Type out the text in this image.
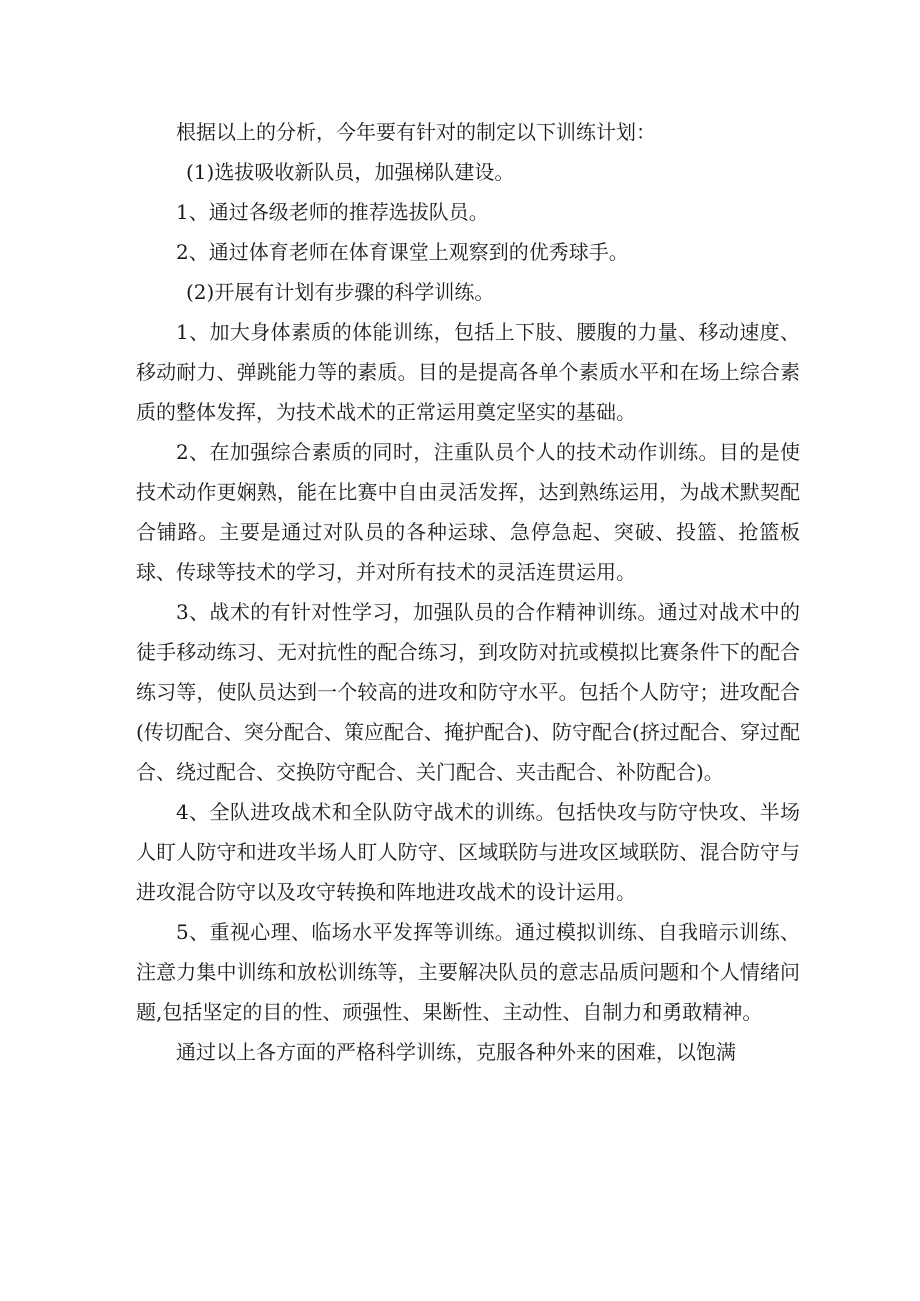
根据以上的分析，今年要有针对的制定以下训练计划：

(1)选拔吸收新队员，加强梯队建设。

1、通过各级老师的推荐选拔队员。

2、通过体育老师在体育课堂上观察到的优秀球手。

(2)开展有计划有步骤的科学训练。

1、加大身体素质的体能训练，包括上下肢、腰腹的力量、移动速度、移动耐力、弹跳能力等的素质。目的是提高各单个素质水平和在场上综合素质的整体发挥，为技术战术的正常运用奠定坚实的基础。

2、在加强综合素质的同时，注重队员个人的技术动作训练。目的是使技术动作更娴熟，能在比赛中自由灵活发挥，达到熟练运用，为战术默契配合铺路。主要是通过对队员的各种运球、急停急起、突破、投篮、抢篮板球、传球等技术的学习，并对所有技术的灵活连贯运用。

3、战术的有针对性学习，加强队员的合作精神训练。通过对战术中的徒手移动练习、无对抗性的配合练习，到攻防对抗或模拟比赛条件下的配合练习等，使队员达到一个较高的进攻和防守水平。包括个人防守；进攻配合(传切配合、突分配合、策应配合、掩护配合)、防守配合(挤过配合、穿过配合、绕过配合、交换防守配合、关门配合、夹击配合、补防配合)。

4、全队进攻战术和全队防守战术的训练。包括快攻与防守快攻、半场人盯人防守和进攻半场人盯人防守、区域联防与进攻区域联防、混合防守与进攻混合防守以及攻守转换和阵地进攻战术的设计运用。

5、重视心理、临场水平发挥等训练。通过模拟训练、自我暗示训练、注意力集中训练和放松训练等，主要解决队员的意志品质问题和个人情绪问题,包括坚定的目的性、顽强性、果断性、主动性、自制力和勇敢精神。

通过以上各方面的严格科学训练，克服各种外来的困难，以饱满
